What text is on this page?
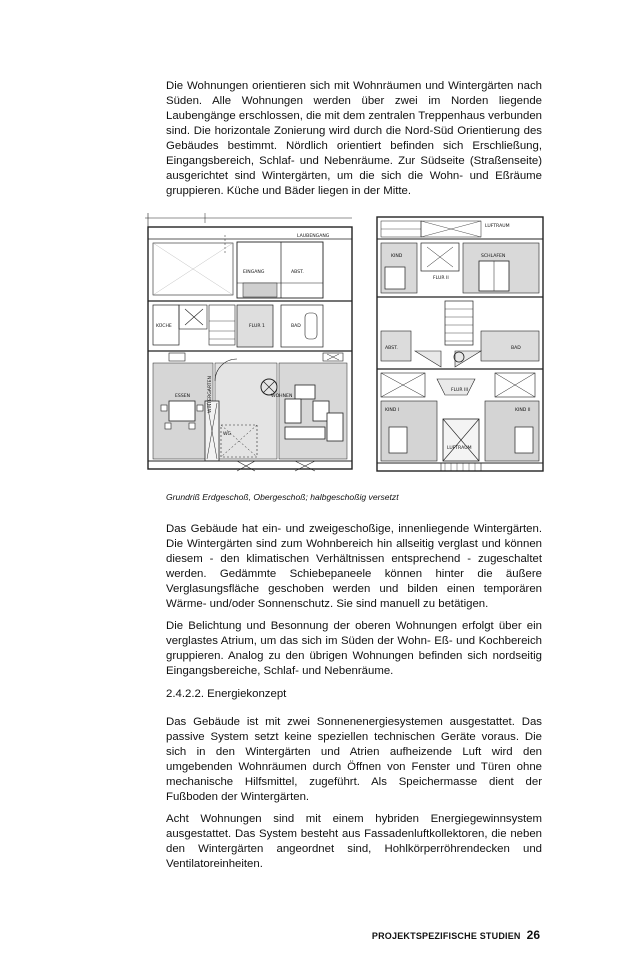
Die Wohnungen orientieren sich mit Wohnräumen und Wintergärten nach Süden. Alle Wohnungen werden über zwei im Norden liegende Laubengänge erschlossen, die mit dem zentralen Treppenhaus verbunden sind. Die horizontale Zonierung wird durch die Nord-Süd Orientierung des Gebäudes bestimmt. Nördlich orientiert befinden sich Erschließung, Eingangsbereich, Schlaf- und Nebenräume. Zur Südseite (Straßenseite) ausgerichtet sind Wintergärten, um die sich die Wohn- und Eßräume gruppieren. Küche und Bäder liegen in der Mitte.

LAUBENGANG
EINGANG	ABST.
FLUR 1	BAD
KÜCHE
ESSEN	WOHNEN
WINTERGARTEN
WG
LUFTRAUM
KIND	SCHLAFEN
FLUR II
ABST.	BAD
FLUR III
KIND I	KIND II
LUFTRAUM

Grundriß Erdgeschoß, Obergeschoß; halbgeschoßig versetzt

Das Gebäude hat ein- und zweigeschoßige, innenliegende Wintergärten. Die Wintergärten sind zum Wohnbereich hin allseitig verglast und können diesem - den klimatischen Verhältnissen entsprechend - zugeschaltet werden. Gedämmte Schiebepaneele können hinter die äußere Verglasungsfläche geschoben werden und bilden einen temporären Wärme- und/oder Sonnenschutz. Sie sind manuell zu betätigen.

Die Belichtung und Besonnung der oberen Wohnungen erfolgt über ein verglastes Atrium, um das sich im Süden der Wohn- Eß- und Kochbereich gruppieren. Analog zu den übrigen Wohnungen befinden sich nordseitig Eingangsbereiche, Schlaf- und Nebenräume.

2.4.2.2. Energiekonzept

Das Gebäude ist mit zwei Sonnenenergiesystemen ausgestattet. Das passive System setzt keine speziellen technischen Geräte voraus. Die sich in den Wintergärten und Atrien aufheizende Luft wird den umgebenden Wohnräumen durch Öffnen von Fenster und Türen ohne mechanische Hilfsmittel, zugeführt. Als Speichermasse dient der Fußboden der Wintergärten.

Acht Wohnungen sind mit einem hybriden Energiegewinnsystem ausgestattet. Das System besteht aus Fassadenluftkollektoren, die neben den Wintergärten angeordnet sind, Hohlkörperröhrendecken und Ventilatoreinheiten.

PROJEKTSPEZIFISCHE STUDIEN 26
